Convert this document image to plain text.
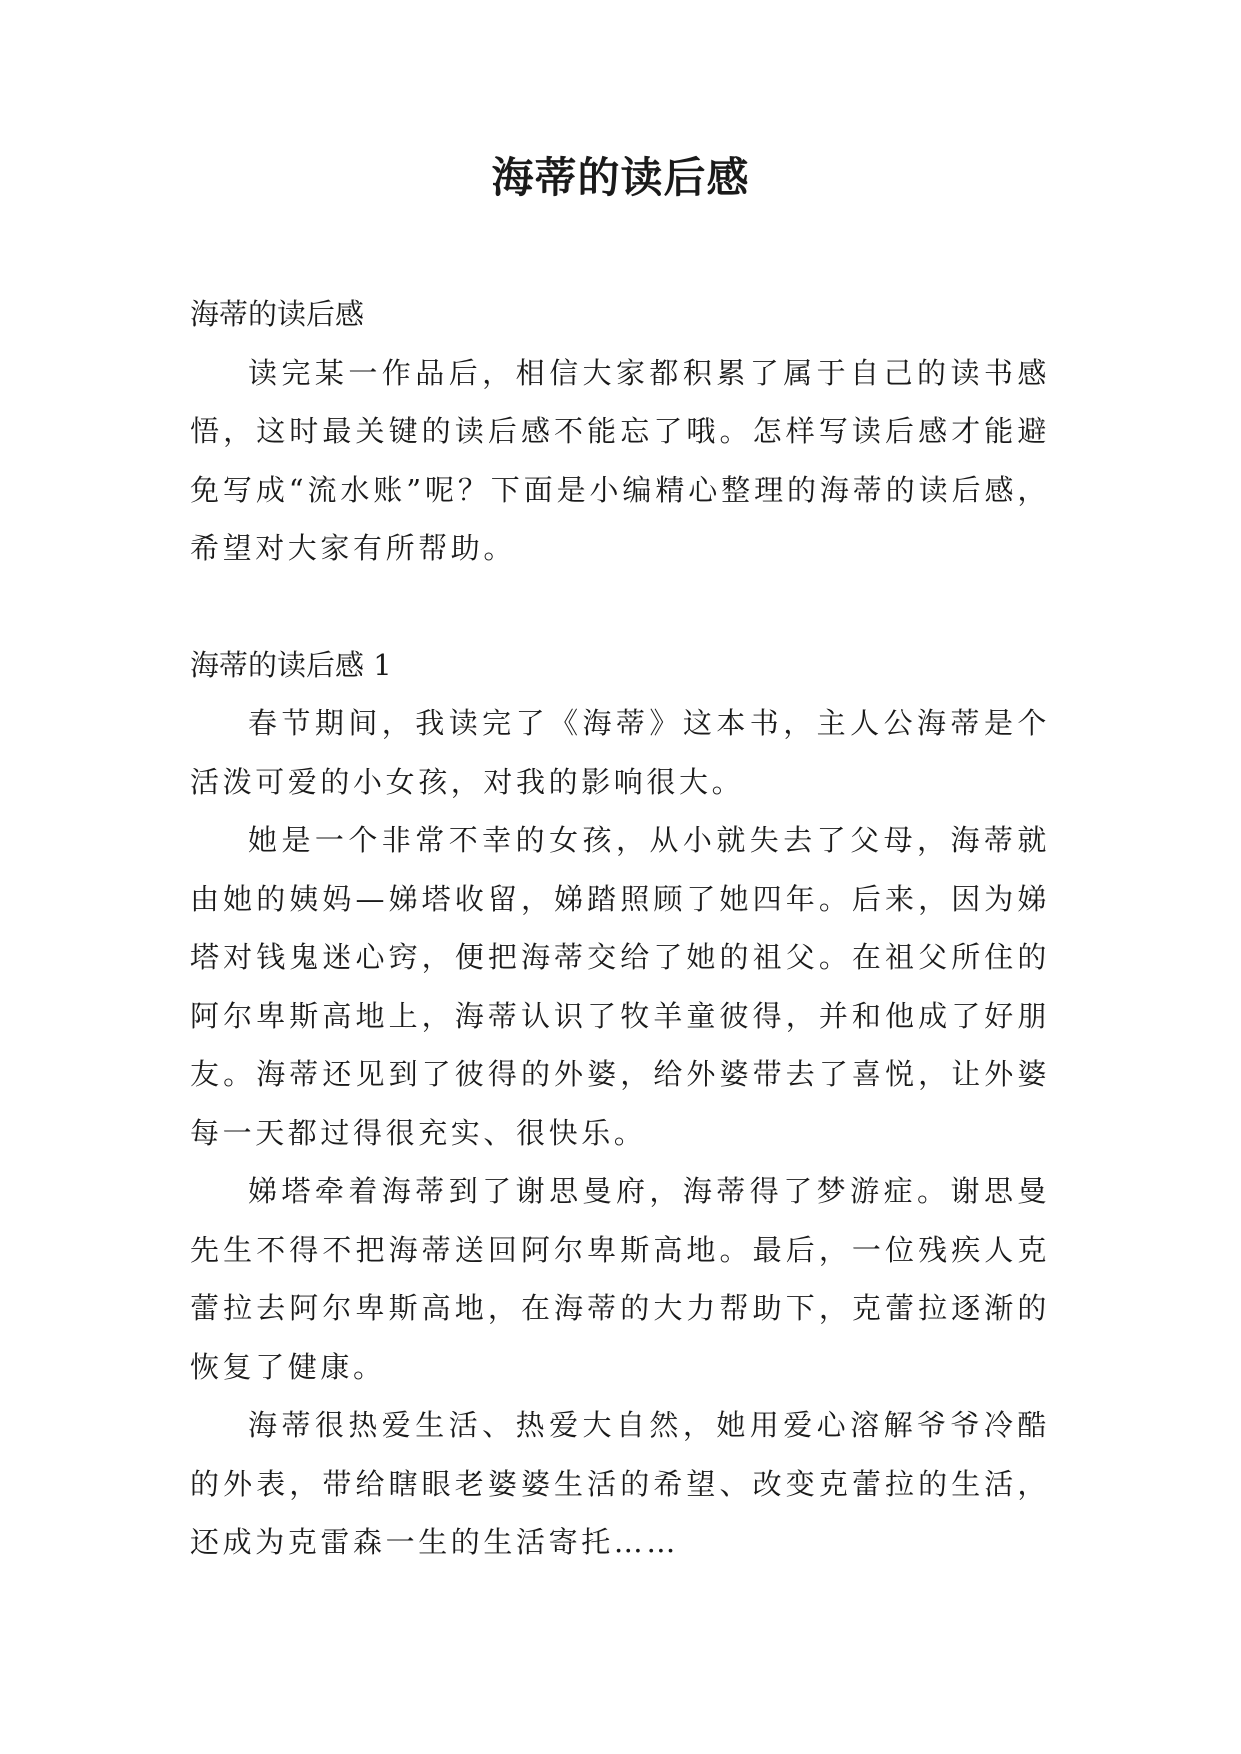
海蒂的读后感

海蒂的读后感

读完某一作品后，相信大家都积累了属于自己的读书感悟，这时最关键的读后感不能忘了哦。怎样写读后感才能避免写成“流水账”呢？下面是小编精心整理的海蒂的读后感，希望对大家有所帮助。

海蒂的读后感 1

春节期间，我读完了《海蒂》这本书，主人公海蒂是个活泼可爱的小女孩，对我的影响很大。

她是一个非常不幸的女孩，从小就失去了父母，海蒂就由她的姨妈—娣塔收留，娣踏照顾了她四年。后来，因为娣塔对钱鬼迷心窍，便把海蒂交给了她的祖父。在祖父所住的阿尔卑斯高地上，海蒂认识了牧羊童彼得，并和他成了好朋友。海蒂还见到了彼得的外婆，给外婆带去了喜悦，让外婆每一天都过得很充实、很快乐。

娣塔牵着海蒂到了谢思曼府，海蒂得了梦游症。谢思曼先生不得不把海蒂送回阿尔卑斯高地。最后，一位残疾人克蕾拉去阿尔卑斯高地，在海蒂的大力帮助下，克蕾拉逐渐的恢复了健康。

海蒂很热爱生活、热爱大自然，她用爱心溶解爷爷冷酷的外表，带给瞎眼老婆婆生活的希望、改变克蕾拉的生活，还成为克雷森一生的生活寄托……
